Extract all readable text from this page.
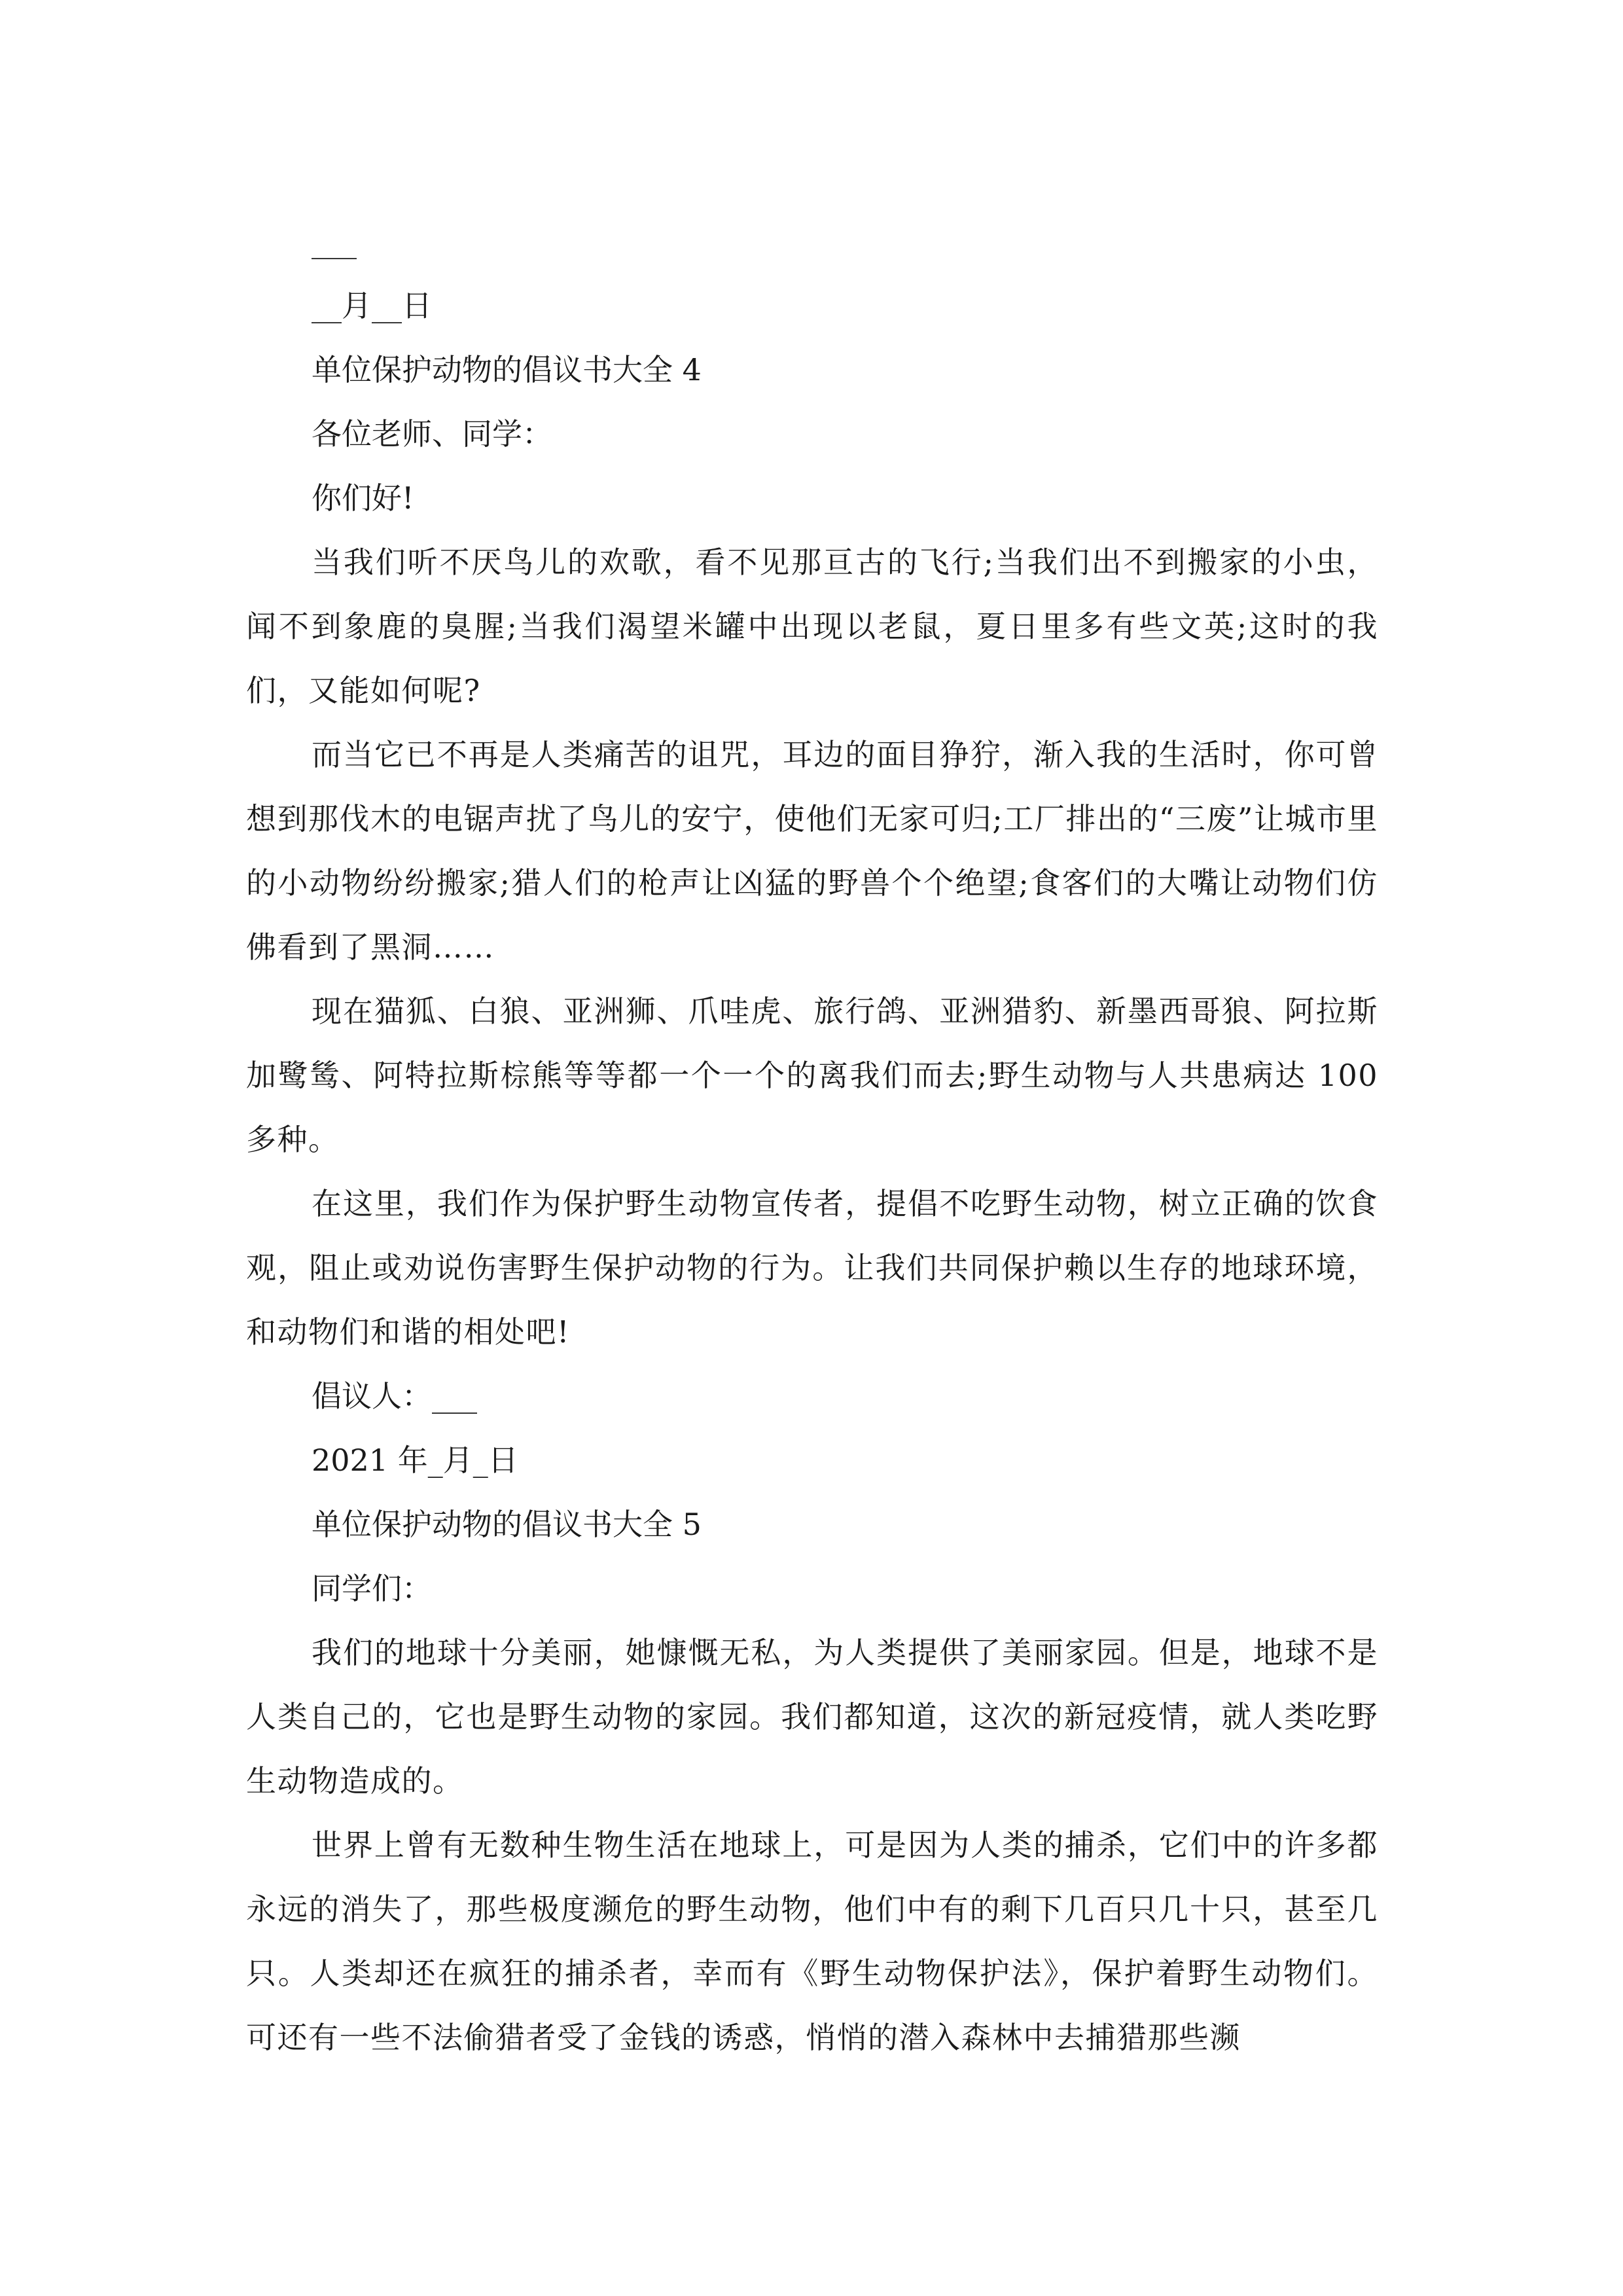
___

__月__日

单位保护动物的倡议书大全 4

各位老师、同学：

你们好!

当我们听不厌鸟儿的欢歌，看不见那亘古的飞行;当我们出不到搬家的小虫，闻不到象鹿的臭腥;当我们渴望米罐中出现以老鼠，夏日里多有些文英;这时的我们，又能如何呢?

而当它已不再是人类痛苦的诅咒，耳边的面目狰狞，渐入我的生活时，你可曾想到那伐木的电锯声扰了鸟儿的安宁，使他们无家可归;工厂排出的“三废”让城市里的小动物纷纷搬家;猎人们的枪声让凶猛的野兽个个绝望;食客们的大嘴让动物们仿佛看到了黑洞……

现在猫狐、白狼、亚洲狮、爪哇虎、旅行鸽、亚洲猎豹、新墨西哥狼、阿拉斯加鹭鸶、阿特拉斯棕熊等等都一个一个的离我们而去;野生动物与人共患病达 100 多种。

在这里，我们作为保护野生动物宣传者，提倡不吃野生动物，树立正确的饮食观，阻止或劝说伤害野生保护动物的行为。让我们共同保护赖以生存的地球环境，和动物们和谐的相处吧!

倡议人：___

2021 年_月_日

单位保护动物的倡议书大全 5

同学们：

我们的地球十分美丽，她慷慨无私，为人类提供了美丽家园。但是，地球不是人类自己的，它也是野生动物的家园。我们都知道，这次的新冠疫情，就人类吃野生动物造成的。

世界上曾有无数种生物生活在地球上，可是因为人类的捕杀，它们中的许多都永远的消失了，那些极度濒危的野生动物，他们中有的剩下几百只几十只，甚至几只。人类却还在疯狂的捕杀者，幸而有《野生动物保护法》，保护着野生动物们。可还有一些不法偷猎者受了金钱的诱惑，悄悄的潜入森林中去捕猎那些濒
